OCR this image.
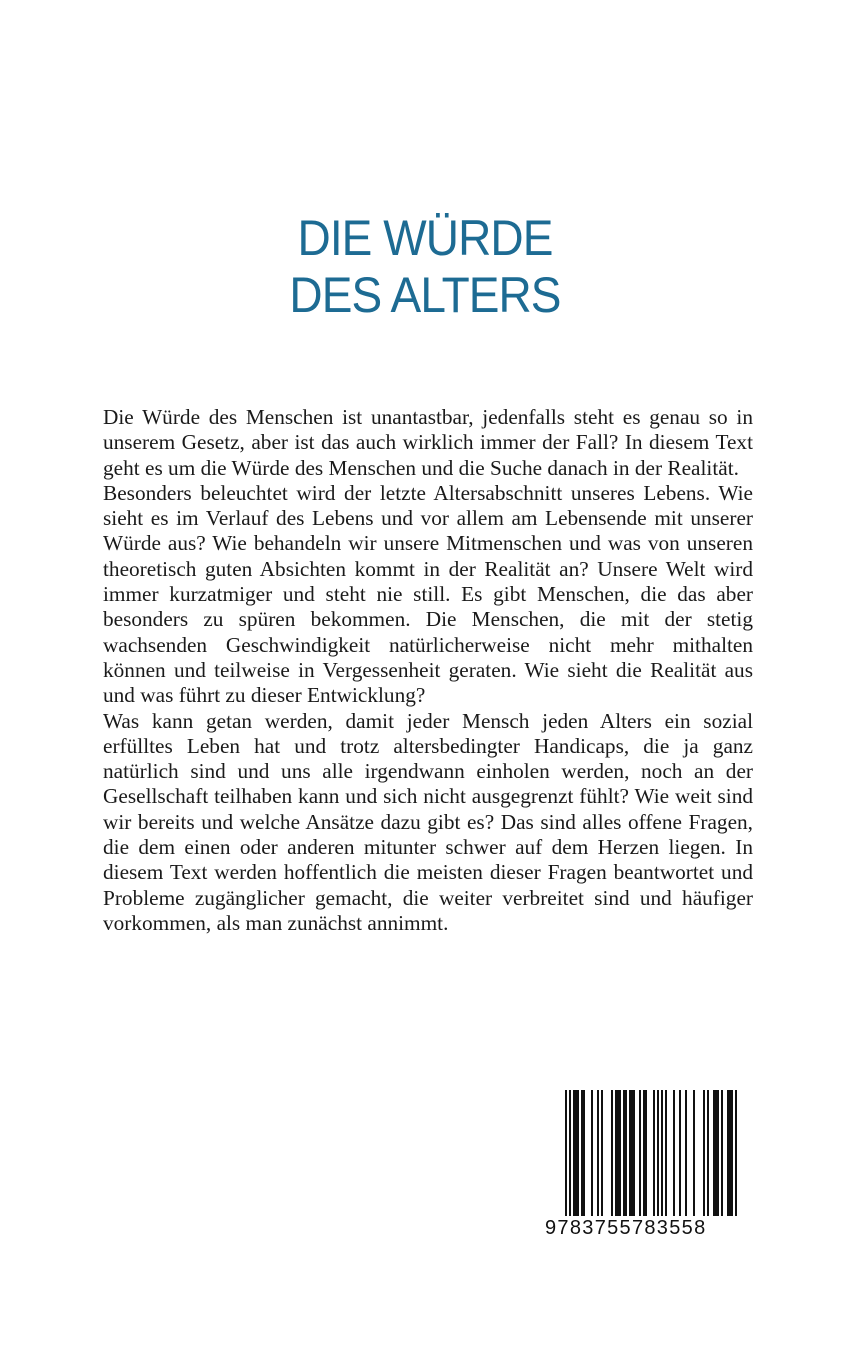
DIE WÜRDE
DES ALTERS

Die Würde des Menschen ist unantastbar, jedenfalls steht es genau so in unserem Gesetz, aber ist das auch wirklich immer der Fall? In diesem Text geht es um die Würde des Menschen und die Suche danach in der Realität.

Besonders beleuchtet wird der letzte Altersabschnitt unseres Lebens. Wie sieht es im Verlauf des Lebens und vor allem am Lebensende mit unserer Würde aus? Wie behandeln wir unsere Mitmenschen und was von unseren theoretisch guten Absichten kommt in der Realität an? Unsere Welt wird immer kurzatmiger und steht nie still. Es gibt Menschen, die das aber besonders zu spüren bekommen. Die Menschen, die mit der stetig wachsenden Geschwindigkeit natürlicherweise nicht mehr mithalten können und teilweise in Vergessenheit geraten. Wie sieht die Realität aus und was führt zu dieser Entwicklung?

Was kann getan werden, damit jeder Mensch jeden Alters ein sozial erfülltes Leben hat und trotz altersbedingter Handicaps, die ja ganz natürlich sind und uns alle irgendwann einholen werden, noch an der Gesellschaft teilhaben kann und sich nicht ausgegrenzt fühlt? Wie weit sind wir bereits und welche Ansätze dazu gibt es? Das sind alles offene Fragen, die dem einen oder anderen mitunter schwer auf dem Herzen liegen. In diesem Text werden hoffentlich die meisten dieser Fragen beantwortet und Probleme zugänglicher gemacht, die weiter verbreitet sind und häufiger vorkommen, als man zunächst annimmt.

9783755783558
